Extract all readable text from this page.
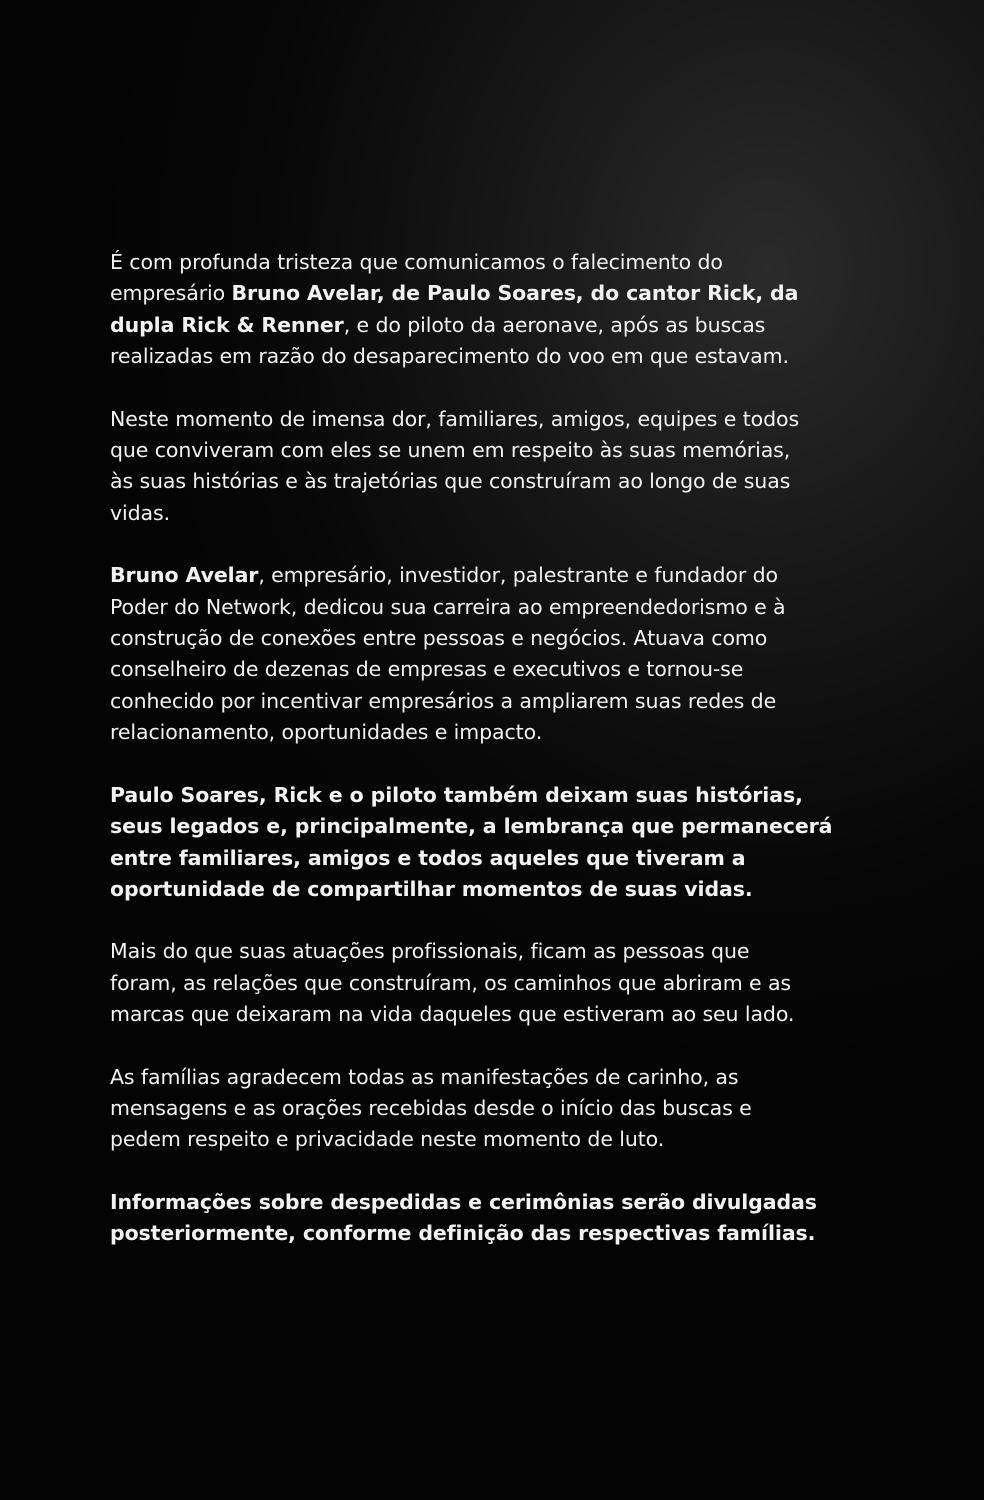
É com profunda tristeza que comunicamos o falecimento do
empresário Bruno Avelar, de Paulo Soares, do cantor Rick, da
dupla Rick & Renner, e do piloto da aeronave, após as buscas
realizadas em razão do desaparecimento do voo em que estavam.

Neste momento de imensa dor, familiares, amigos, equipes e todos
que conviveram com eles se unem em respeito às suas memórias,
às suas histórias e às trajetórias que construíram ao longo de suas
vidas.

Bruno Avelar, empresário, investidor, palestrante e fundador do
Poder do Network, dedicou sua carreira ao empreendedorismo e à
construção de conexões entre pessoas e negócios. Atuava como
conselheiro de dezenas de empresas e executivos e tornou-se
conhecido por incentivar empresários a ampliarem suas redes de
relacionamento, oportunidades e impacto.

Paulo Soares, Rick e o piloto também deixam suas histórias,
seus legados e, principalmente, a lembrança que permanecerá
entre familiares, amigos e todos aqueles que tiveram a
oportunidade de compartilhar momentos de suas vidas.

Mais do que suas atuações profissionais, ficam as pessoas que
foram, as relações que construíram, os caminhos que abriram e as
marcas que deixaram na vida daqueles que estiveram ao seu lado.

As famílias agradecem todas as manifestações de carinho, as
mensagens e as orações recebidas desde o início das buscas e
pedem respeito e privacidade neste momento de luto.

Informações sobre despedidas e cerimônias serão divulgadas
posteriormente, conforme definição das respectivas famílias.
